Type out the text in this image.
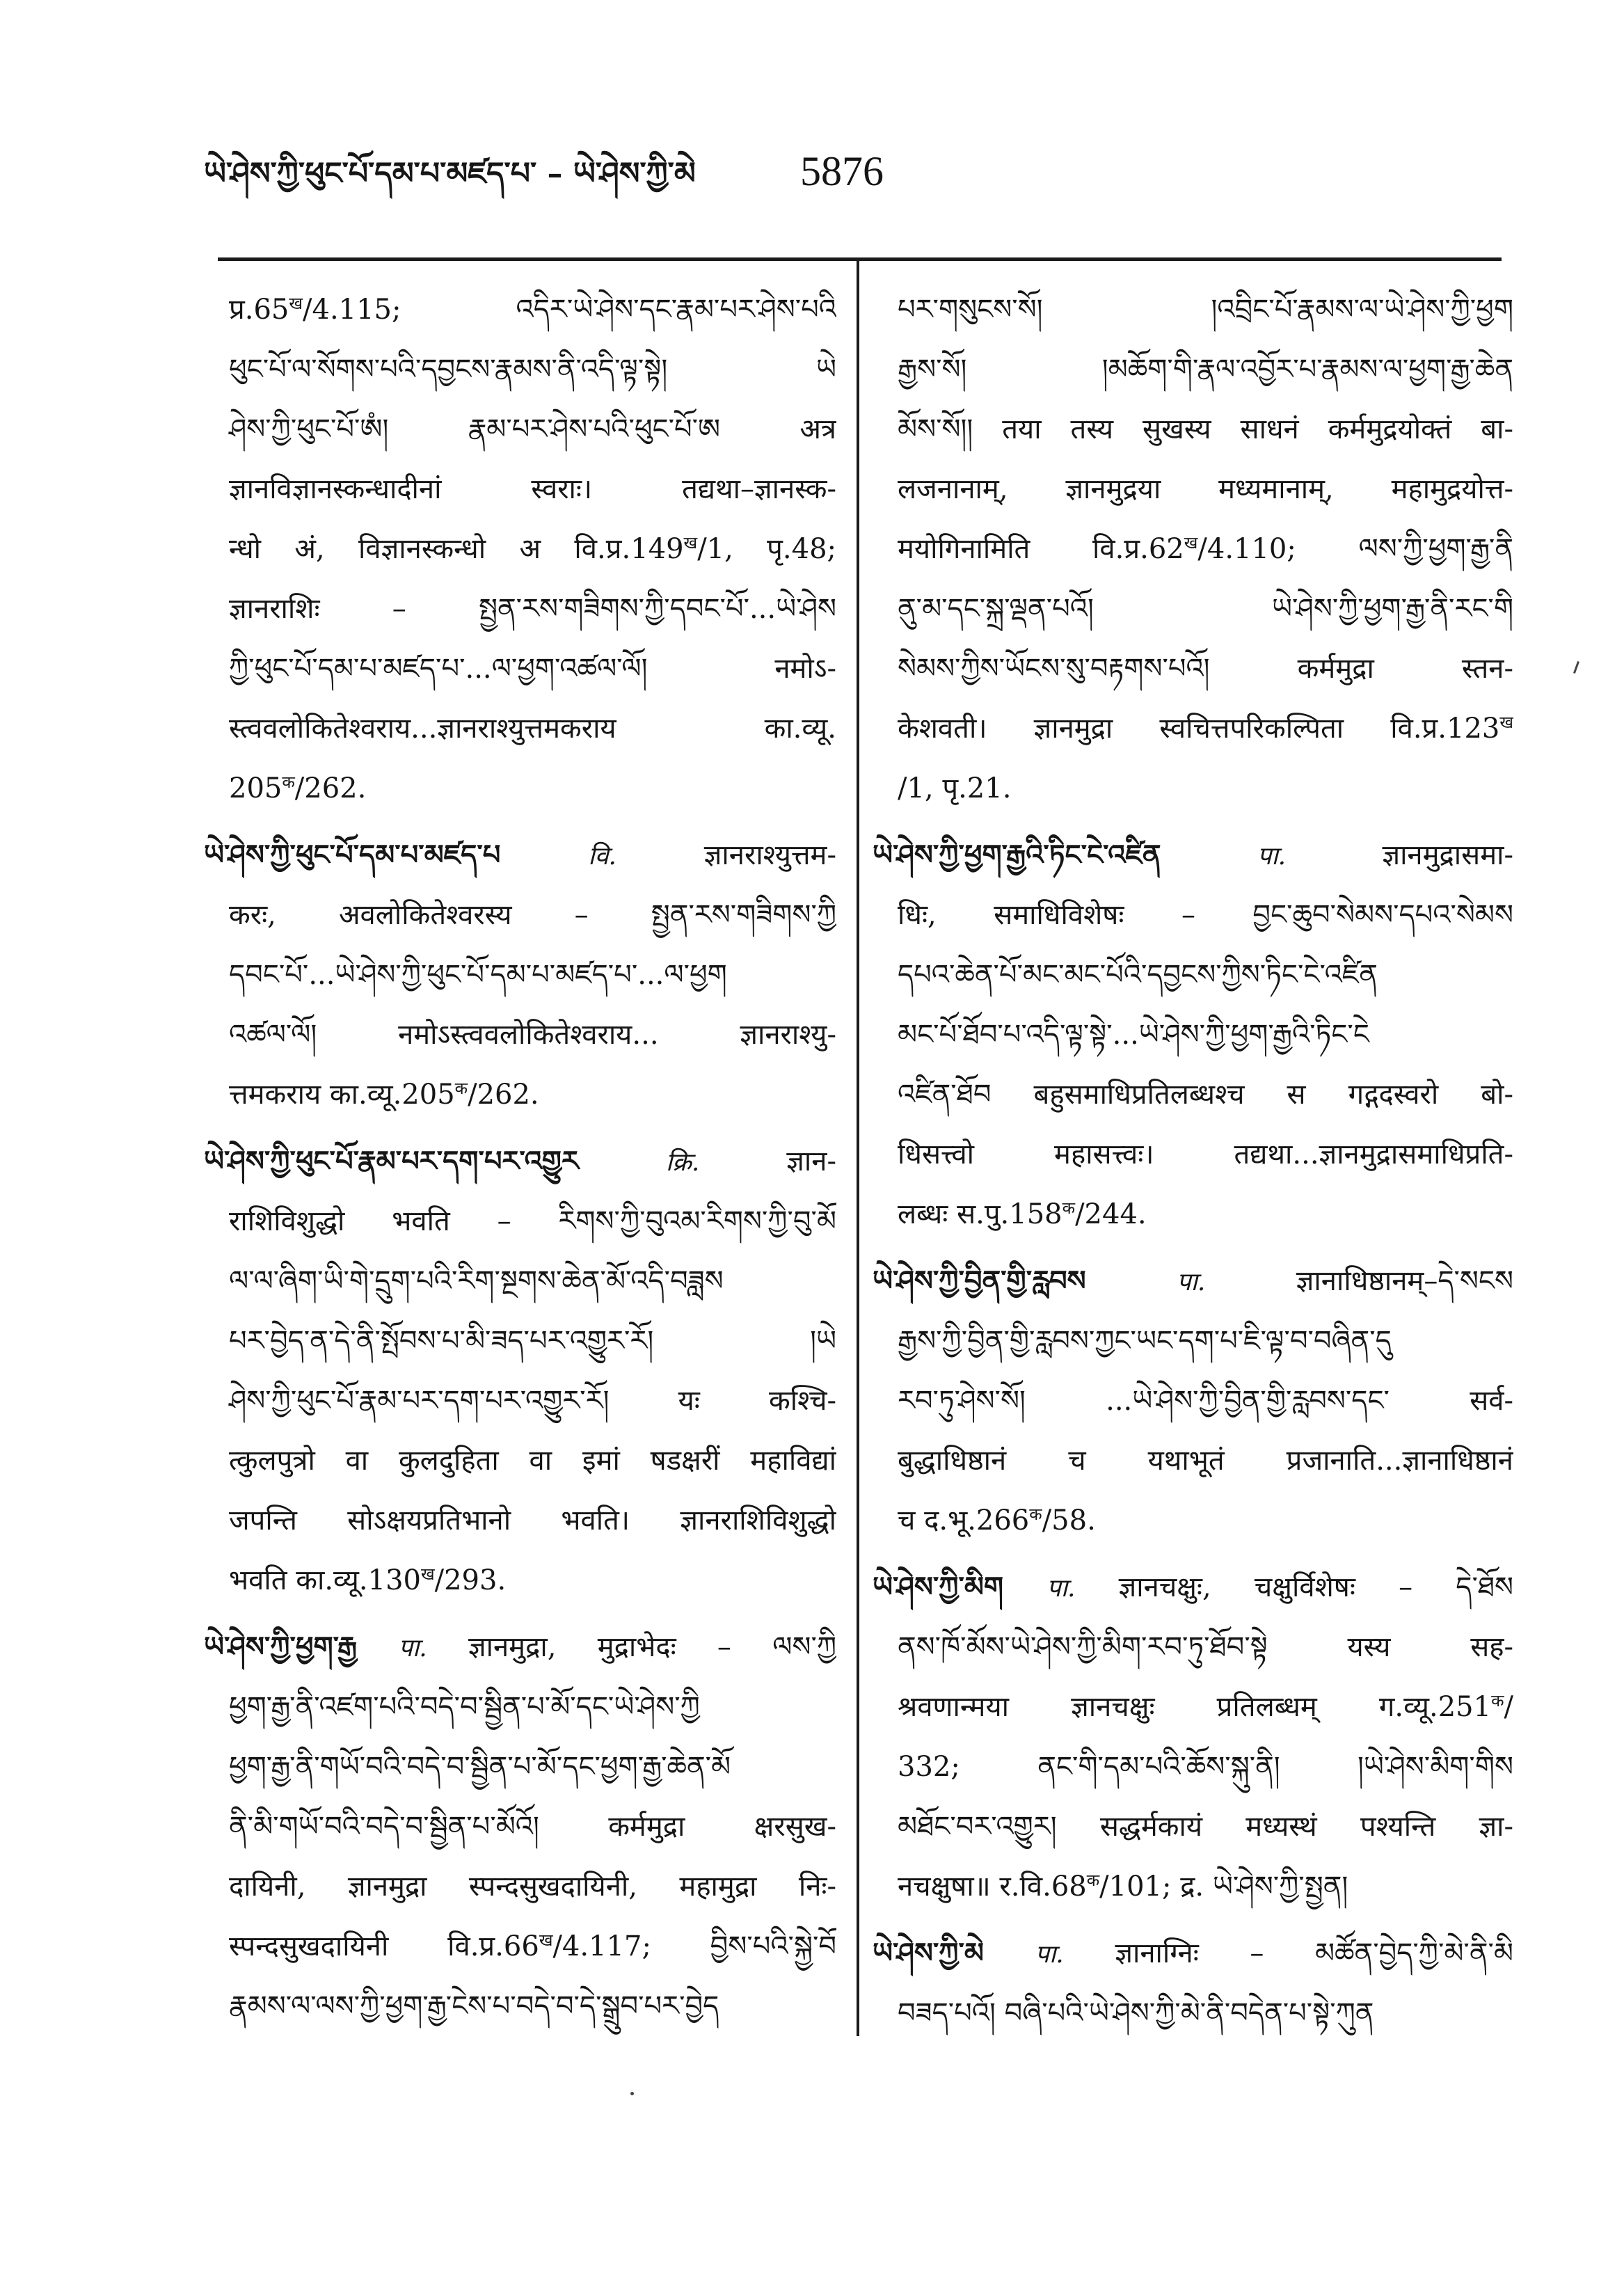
ཡེ་ཤེས་ཀྱི་ཕུང་པོ་དམ་པ་མཛད་པ་ – ཡེ་ཤེས་ཀྱི་མེ	5876
$प्र.65^ख/4.115$; འདིར་ཡེ་ཤེས་དང་རྣམ་པར་ཤེས་པའི
ཕུང་པོ་ལ་སོགས་པའི་དབྱངས་རྣམས་ནི་འདི་ལྟ་སྟེ། ཡེ
ཤེས་ཀྱི་ཕུང་པོ་ཨཾ། རྣམ་པར་ཤེས་པའི་ཕུང་པོ་ཨ अत्र
ज्ञानविज्ञानस्कन्धादीनां स्वराः। तद्यथा–ज्ञानस्क-
न्धो अं, विज्ञानस्कन्धो अ $वि.प्र.149^ख/1$, पृ.48;
ज्ञानराशिः – སྤྱན་རས་གཟིགས་ཀྱི་དབང་པོ་...ཡེ་ཤེས
ཀྱི་ཕུང་པོ་དམ་པ་མཛད་པ་...ལ་ཕྱག་འཚལ་ལོ། नमोऽ-
स्त्ववलोकितेश्वराय...ज्ञानराश्युत्तमकराय का.व्यू.
$205^क/262$.
ཡེ་ཤེས་ཀྱི་ཕུང་པོ་དམ་པ་མཛད་པ	वि.	ज्ञानराश्युत्तम-
करः, अवलोकितेश्वरस्य – སྤྱན་རས་གཟིགས་ཀྱི
དབང་པོ་...ཡེ་ཤེས་ཀྱི་ཕུང་པོ་དམ་པ་མཛད་པ་...ལ་ཕྱག
འཚལ་ལོ། नमोऽस्त्ववलोकितेश्वराय... ज्ञानराश्यु-
त्तमकराय $का.व्यू.205^क/262$.
ཡེ་ཤེས་ཀྱི་ཕུང་པོ་རྣམ་པར་དག་པར་འགྱུར	क्रि.	ज्ञान-
राशिविशुद्धो भवति – རིགས་ཀྱི་བུའམ་རིགས་ཀྱི་བུ་མོ
ལ་ལ་ཞིག་ཡི་གེ་དྲུག་པའི་རིག་སྔགས་ཆེན་མོ་འདི་བཟླས
པར་བྱེད་ན་དེ་ནི་སྤོབས་པ་མི་ཟད་པར་འགྱུར་རོ། །ཡེ
ཤེས་ཀྱི་ཕུང་པོ་རྣམ་པར་དག་པར་འགྱུར་རོ། यः कश्चि-
त्कुलपुत्रो वा कुलदुहिता वा इमां षडक्षरीं महाविद्यां
जपन्ति सोऽक्षयप्रतिभानो भवति। ज्ञानराशिविशुद्धो
भवति $का.व्यू.130^ख/293$.
ཡེ་ཤེས་ཀྱི་ཕྱག་རྒྱ पा. ज्ञानमुद्रा, मुद्राभेदः – ལས་ཀྱི
ཕྱག་རྒྱ་ནི་འཛག་པའི་བདེ་བ་སྦྱིན་པ་མོ་དང་ཡེ་ཤེས་ཀྱི
ཕྱག་རྒྱ་ནི་གཡོ་བའི་བདེ་བ་སྦྱིན་པ་མོ་དང་ཕྱག་རྒྱ་ཆེན་མོ
ནི་མི་གཡོ་བའི་བདེ་བ་སྦྱིན་པ་མོའོ། कर्ममुद्रा क्षरसुख-
दायिनी, ज्ञानमुद्रा स्पन्दसुखदायिनी, महामुद्रा निः-
स्पन्दसुखदायिनी $वि.प्र.66^ख/4.117$; བྱིས་པའི་སྐྱེ་བོ
རྣམས་ལ་ལས་ཀྱི་ཕྱག་རྒྱ་ངེས་པ་བདེ་བ་དེ་སྒྲུབ་པར་བྱེད
པར་གསུངས་སོ། །འབྲིང་པོ་རྣམས་ལ་ཡེ་ཤེས་ཀྱི་ཕྱག
རྒྱས་སོ། །མཆོག་གི་རྣལ་འབྱོར་པ་རྣམས་ལ་ཕྱག་རྒྱ་ཆེན
མོས་སོ།། तया तस्य सुखस्य साधनं कर्ममुद्रयोक्तं बा-
लजनानाम्, ज्ञानमुद्रया मध्यमानाम्, महामुद्रयोत्त-
मयोगिनामिति $वि.प्र.62^ख/4.110$; ལས་ཀྱི་ཕྱག་རྒྱ་ནི
ནུ་མ་དང་སྐྲ་ལྡན་པའོ། ཡེ་ཤེས་ཀྱི་ཕྱག་རྒྱ་ནི་རང་གི
སེམས་ཀྱིས་ཡོངས་སུ་བརྟགས་པའོ། कर्ममुद्रा स्तन-
केशवती। ज्ञानमुद्रा स्वचित्तपरिकल्पिता $वि.प्र.123^ख$
/1, पृ.21.
ཡེ་ཤེས་ཀྱི་ཕྱག་རྒྱའི་ཏིང་ངེ་འཛིན	पा.	ज्ञानमुद्रासमा-
धिः, समाधिविशेषः – བྱང་ཆུབ་སེམས་དཔའ་སེམས
དཔའ་ཆེན་པོ་མང་མང་པོའི་དབྱངས་ཀྱིས་ཏིང་ངེ་འཛིན
མང་པོ་ཐོབ་པ་འདི་ལྟ་སྟེ་...ཡེ་ཤེས་ཀྱི་ཕྱག་རྒྱའི་ཏིང་ངེ
འཛིན་ཐོབ बहुसमाधिप्रतिलब्धश्च स गद्गदस्वरो बो-
धिसत्त्वो महासत्त्वः। तद्यथा...ज्ञानमुद्रासमाधिप्रति-
लब्धः $स.पु.158^क/244$.
ཡེ་ཤེས་ཀྱི་བྱིན་གྱི་རླབས	पा.	ज्ञानाधिष्ठानम्–དེ་སངས
རྒྱས་ཀྱི་བྱིན་གྱི་རླབས་ཀྱང་ཡང་དག་པ་ཇི་ལྟ་བ་བཞིན་དུ
རབ་ཏུ་ཤེས་སོ། ...ཡེ་ཤེས་ཀྱི་བྱིན་གྱི་རླབས་དང་ सर्व-
बुद्धाधिष्ठानं च यथाभूतं प्रजानाति...ज्ञानाधिष्ठानं
च $द.भू.266^क/58$.
ཡེ་ཤེས་ཀྱི་མིག पा. ज्ञानचक्षुः, चक्षुर्विशेषः – དེ་ཐོས
ནས་ཁོ་མོས་ཡེ་ཤེས་ཀྱི་མིག་རབ་ཏུ་ཐོབ་སྟེ यस्य सह-
श्रवणान्मया ज्ञानचक्षुः प्रतिलब्धम् $ग.व्यू.251^क/$
332; ནང་གི་དམ་པའི་ཆོས་སྐུ་ནི། །ཡེ་ཤེས་མིག་གིས
མཐོང་བར་འགྱུར། सद्धर्मकायं मध्यस्थं पश्यन्ति ज्ञा-
नचक्षुषा॥ $र.वि.68^क/101$; द्र. ཡེ་ཤེས་ཀྱི་སྤྱན།
ཡེ་ཤེས་ཀྱི་མེ पा. ज्ञानाग्निः – མཚོན་བྱེད་ཀྱི་མེ་ནི་མི
བཟད་པའོ། བཞི་པའི་ཡེ་ཤེས་ཀྱི་མེ་ནི་བདེན་པ་སྟེ་ཀུན
